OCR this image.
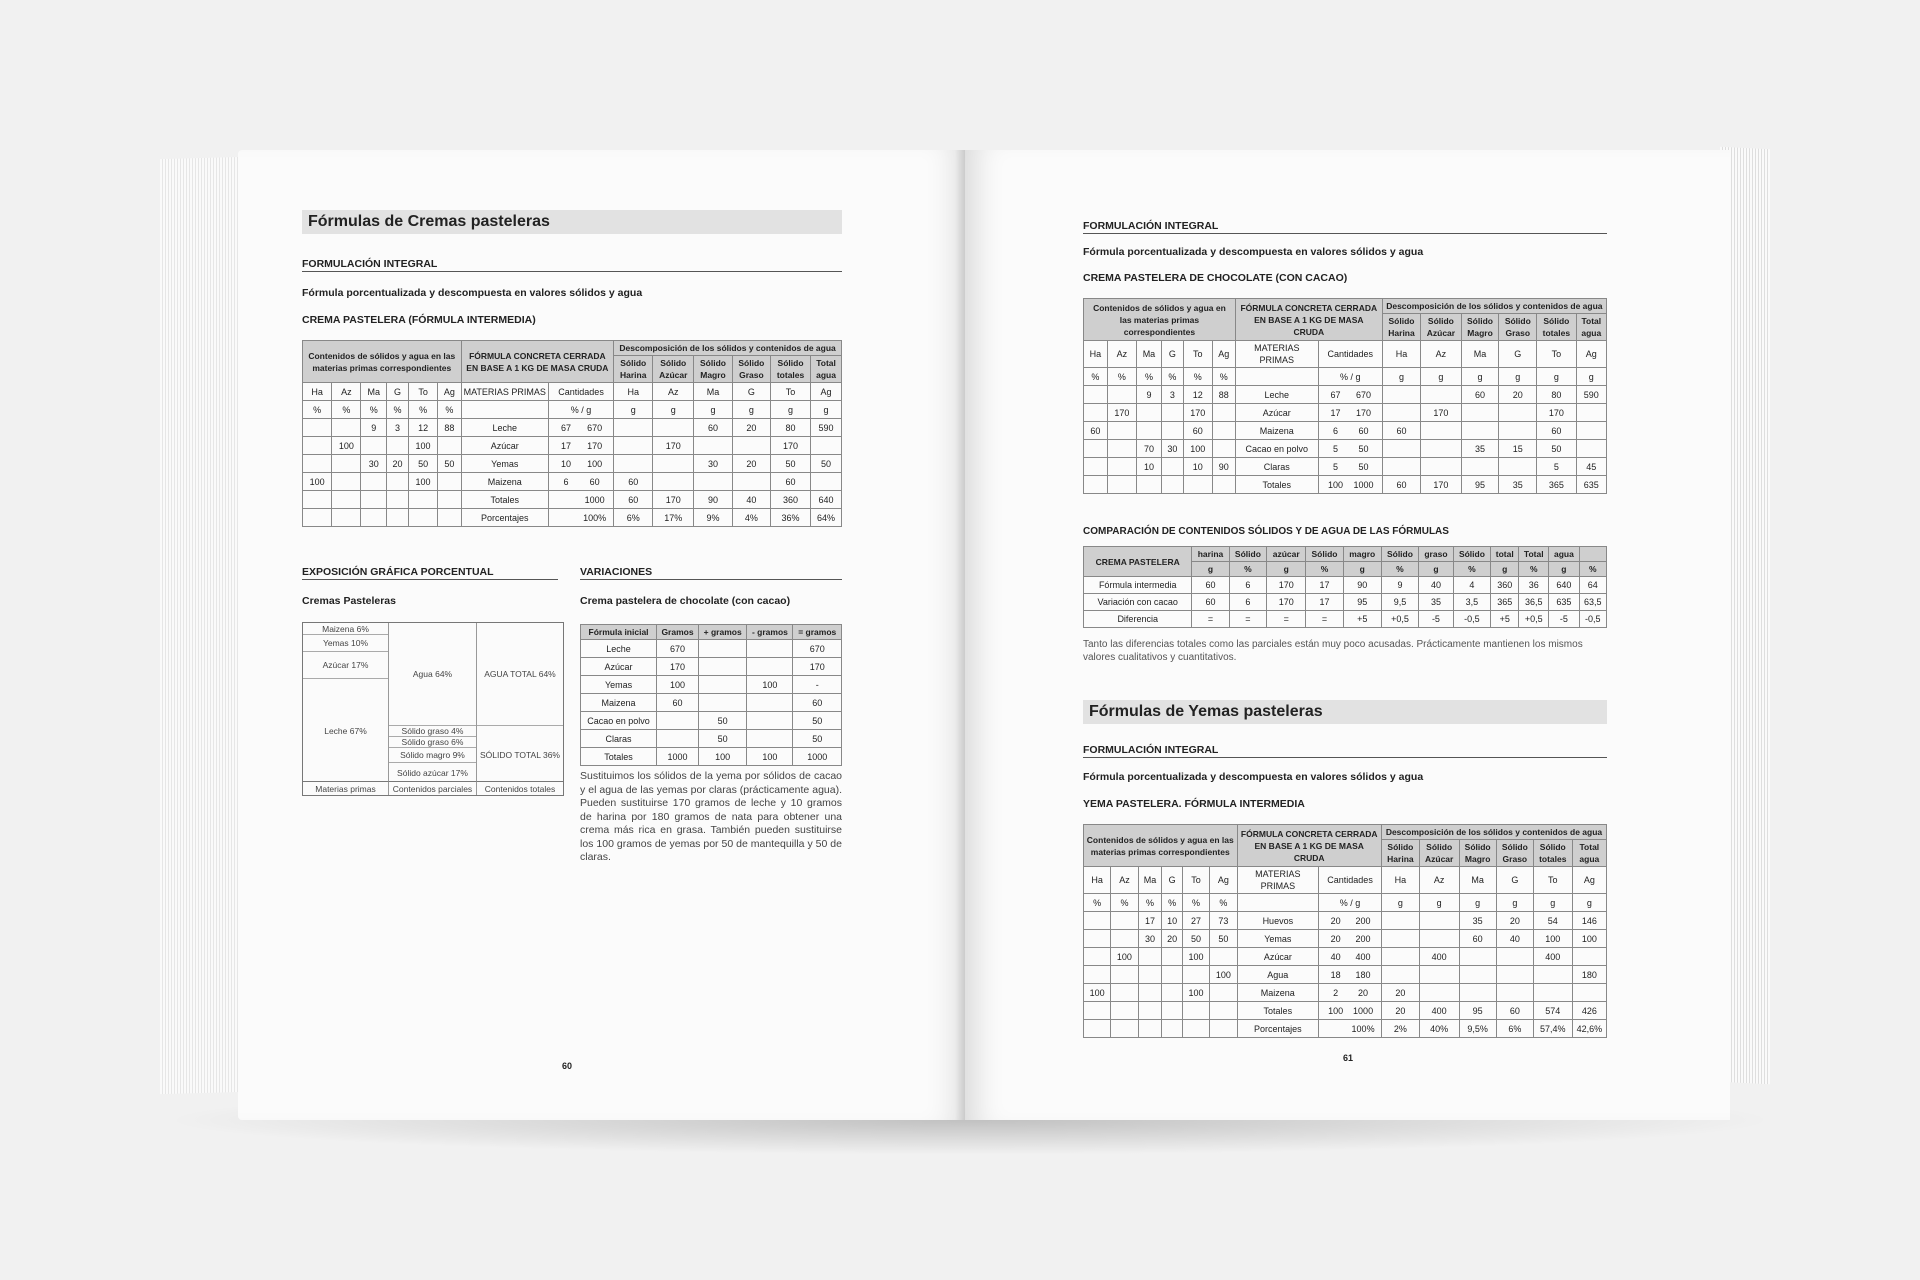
Fórmulas de Cremas pasteleras
FORMULACIÓN INTEGRAL
Fórmula porcentualizada y descompuesta en valores sólidos y agua
CREMA PASTELERA (FÓRMULA INTERMEDIA)
Contenidos de sólidos y agua en las materias primas correspondientes						FÓRMULA CONCRETA CERRADA EN BASE A 1 KG DE MASA CRUDA		Descomposición de los sólidos y contenidos de agua					
								Sólido Harina	Sólido Azúcar	Sólido Magro	Sólido Graso	Sólido totales	Total agua
Ha	Az	Ma	G	To	Ag	MATERIAS PRIMAS	Cantidades	Ha	Az	Ma	G	To	Ag
%	%	%	%	%	%		% / g	g	g	g	g	g	g
		9	3	12	88	Leche	67 670			60	20	80	590
	100			100		Azúcar	17 170		170			170	
		30	20	50	50	Yemas	10 100			30	20	50	50
100				100		Maizena	6 60	60				60	
						Totales	1000	60	170	90	40	360	640
						Porcentajes	100%	6%	17%	9%	4%	36%	64%
EXPOSICIÓN GRÁFICA PORCENTUAL
Cremas Pasteleras
Maizena 6%
Yemas 10%
Azúcar 17%
Leche 67%
Agua 64%
Sólido graso 4%
Sólido graso 6%
Sólido magro 9%
Sólido azúcar 17%
AGUA TOTAL 64%
SÓLIDO TOTAL 36%
Materias primas	Contenidos parciales	Contenidos totales
VARIACIONES
Crema pastelera de chocolate (con cacao)
Fórmula inicial	Gramos	+ gramos	- gramos	= gramos
Leche	670			670
Azúcar	170			170
Yemas	100		100	-
Maizena	60			60
Cacao en polvo		50		50
Claras		50		50
Totales	1000	100	100	1000
Sustituimos los sólidos de la yema por sólidos de cacao y el agua de las yemas por claras (prácticamente agua). Pueden sustituirse 170 gramos de leche y 10 gramos de harina por 180 gramos de nata para obtener una crema más rica en grasa. También pueden sustituirse los 100 gramos de yemas por 50 de mantequilla y 50 de claras.
60
FORMULACIÓN INTEGRAL
Fórmula porcentualizada y descompuesta en valores sólidos y agua
CREMA PASTELERA DE CHOCOLATE (CON CACAO)
Contenidos de sólidos y agua en las materias primas correspondientes						FÓRMULA CONCRETA CERRADA EN BASE A 1 KG DE MASA CRUDA		Descomposición de los sólidos y contenidos de agua					
								Sólido Harina	Sólido Azúcar	Sólido Magro	Sólido Graso	Sólido totales	Total agua
Ha	Az	Ma	G	To	Ag	MATERIAS PRIMAS	Cantidades	Ha	Az	Ma	G	To	Ag
%	%	%	%	%	%		% / g	g	g	g	g	g	g
		9	3	12	88	Leche	67 670			60	20	80	590
	170			170		Azúcar	17 170		170			170	
60				60		Maizena	6 60	60				60	
		70	30	100		Cacao en polvo	5 50			35	15	50	
		10		10	90	Claras	5 50					5	45
						Totales	100 1000	60	170	95	35	365	635
COMPARACIÓN DE CONTENIDOS SÓLIDOS Y DE AGUA DE LAS FÓRMULAS
CREMA PASTELERA	harina	Sólido	azúcar	Sólido	magro	Sólido	graso	Sólido	total	Total	agua	
	g	%	g	%	g	%	g	%	g	%	g	%
Fórmula intermedia	60	6	170	17	90	9	40	4	360	36	640	64
Variación con cacao	60	6	170	17	95	9,5	35	3,5	365	36,5	635	63,5
Diferencia	=	=	=	=	+5	+0,5	-5	-0,5	+5	+0,5	-5	-0,5
Tanto las diferencias totales como las parciales están muy poco acusadas. Prácticamente mantienen los mismos valores cualitativos y cuantitativos.
Fórmulas de Yemas pasteleras
FORMULACIÓN INTEGRAL
Fórmula porcentualizada y descompuesta en valores sólidos y agua
YEMA PASTELERA. FÓRMULA INTERMEDIA
Contenidos de sólidos y agua en las materias primas correspondientes						FÓRMULA CONCRETA CERRADA EN BASE A 1 KG DE MASA CRUDA		Descomposición de los sólidos y contenidos de agua					
								Sólido Harina	Sólido Azúcar	Sólido Magro	Sólido Graso	Sólido totales	Total agua
Ha	Az	Ma	G	To	Ag	MATERIAS PRIMAS	Cantidades	Ha	Az	Ma	G	To	Ag
%	%	%	%	%	%		% / g	g	g	g	g	g	g
		17	10	27	73	Huevos	20 200			35	20	54	146
		30	20	50	50	Yemas	20 200			60	40	100	100
	100			100		Azúcar	40 400		400			400	
					100	Agua	18 180						180
100				100		Maizena	2 20	20					
						Totales	100 1000	20	400	95	60	574	426
						Porcentajes	100%	2%	40%	9,5%	6%	57,4%	42,6%
61
